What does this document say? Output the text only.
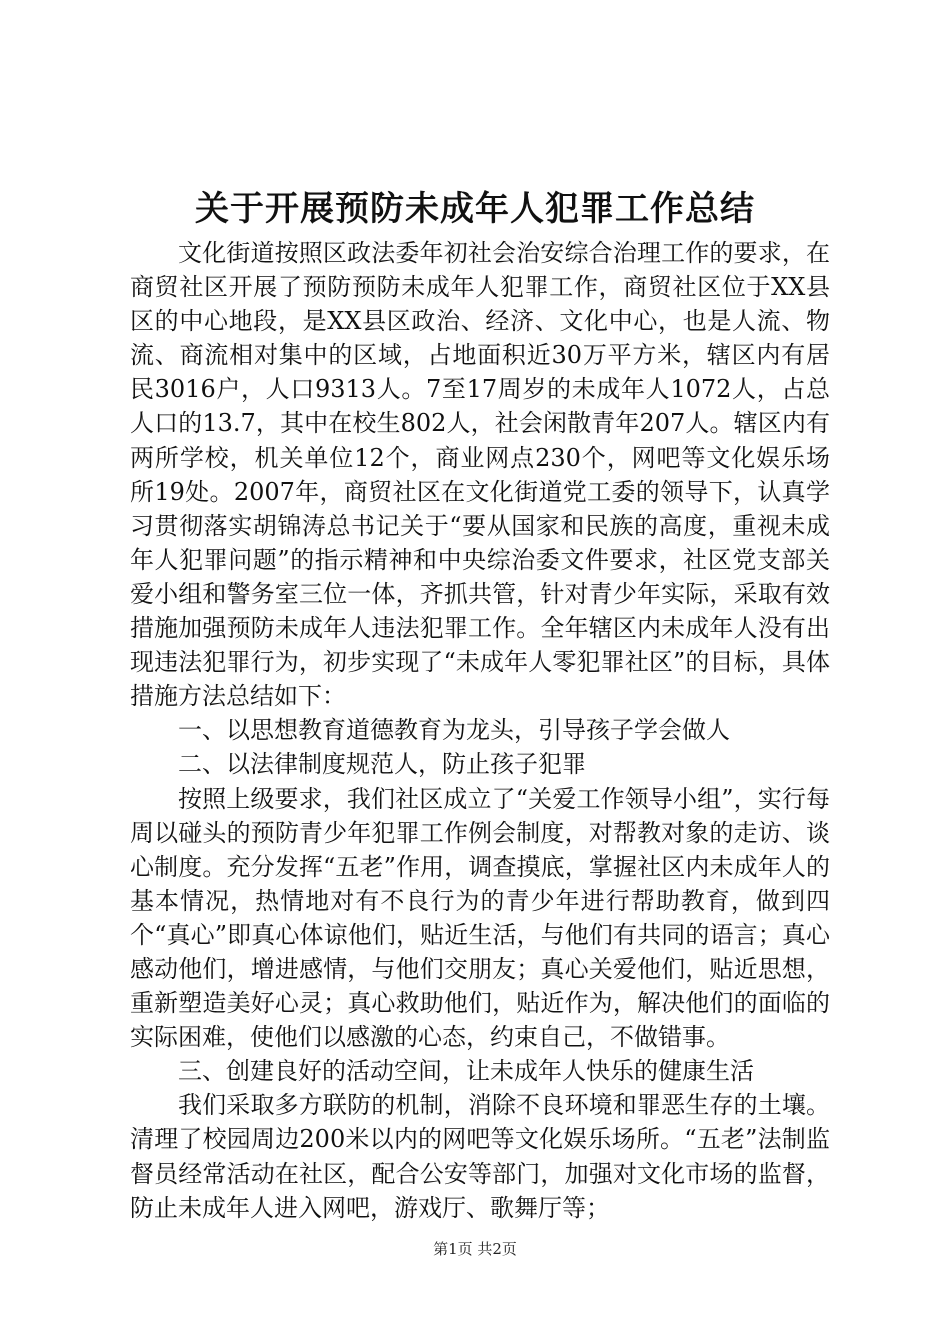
关于开展预防未成年人犯罪工作总结

文化街道按照区政法委年初社会治安综合治理工作的要求，在商贸社区开展了预防预防未成年人犯罪工作，商贸社区位于XX县区的中心地段，是XX县区政治、经济、文化中心，也是人流、物流、商流相对集中的区域，占地面积近30万平方米，辖区内有居民3016户，人口9313人。7至17周岁的未成年人1072人，占总人口的13.7，其中在校生802人，社会闲散青年207人。辖区内有两所学校，机关单位12个，商业网点230个，网吧等文化娱乐场所19处。2007年，商贸社区在文化街道党工委的领导下，认真学习贯彻落实胡锦涛总书记关于“要从国家和民族的高度，重视未成年人犯罪问题”的指示精神和中央综治委文件要求，社区党支部关爱小组和警务室三位一体，齐抓共管，针对青少年实际，采取有效措施加强预防未成年人违法犯罪工作。全年辖区内未成年人没有出现违法犯罪行为，初步实现了“未成年人零犯罪社区”的目标，具体措施方法总结如下：

一、以思想教育道德教育为龙头，引导孩子学会做人

二、以法律制度规范人，防止孩子犯罪

按照上级要求，我们社区成立了“关爱工作领导小组”，实行每周以碰头的预防青少年犯罪工作例会制度，对帮教对象的走访、谈心制度。充分发挥“五老”作用，调查摸底，掌握社区内未成年人的基本情况，热情地对有不良行为的青少年进行帮助教育，做到四个“真心”即真心体谅他们，贴近生活，与他们有共同的语言；真心感动他们，增进感情，与他们交朋友；真心关爱他们，贴近思想，重新塑造美好心灵；真心救助他们，贴近作为，解决他们的面临的实际困难，使他们以感激的心态，约束自己，不做错事。

三、创建良好的活动空间，让未成年人快乐的健康生活

我们采取多方联防的机制，消除不良环境和罪恶生存的土壤。清理了校园周边200米以内的网吧等文化娱乐场所。“五老”法制监督员经常活动在社区，配合公安等部门，加强对文化市场的监督，防止未成年人进入网吧，游戏厅、歌舞厅等；

第1页 共2页
